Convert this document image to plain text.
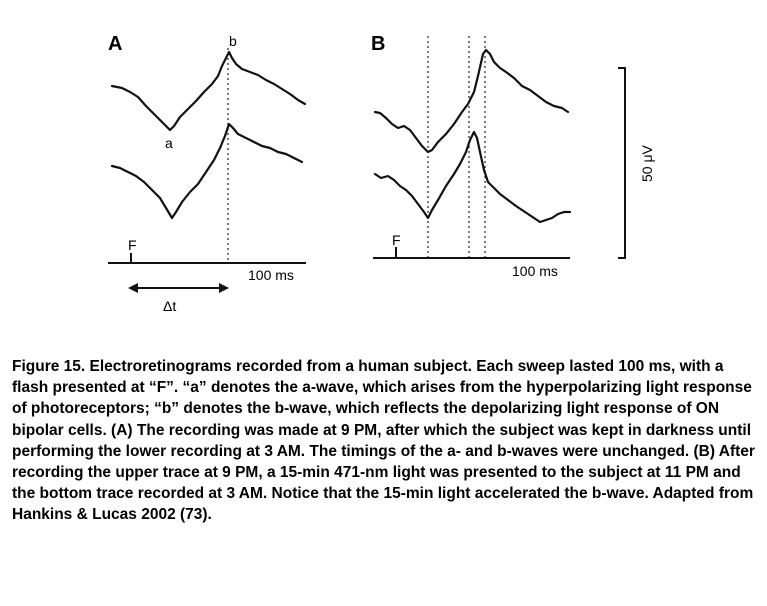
A	b
a
F
100 ms
Δt
B
F
100 ms
50 μV

Figure 15. Electroretinograms recorded from a human subject. Each sweep lasted 100 ms, with a flash presented at “F”. “a” denotes the a-wave, which arises from the hyperpolarizing light response of photoreceptors; “b” denotes the b-wave, which reflects the depolarizing light response of ON bipolar cells. (A) The recording was made at 9 PM, after which the subject was kept in darkness until performing the lower recording at 3 AM. The timings of the a- and b-waves were unchanged. (B) After recording the upper trace at 9 PM, a 15-min 471-nm light was presented to the subject at 11 PM and the bottom trace recorded at 3 AM. Notice that the 15-min light accelerated the b-wave. Adapted from Hankins & Lucas 2002 (73).
